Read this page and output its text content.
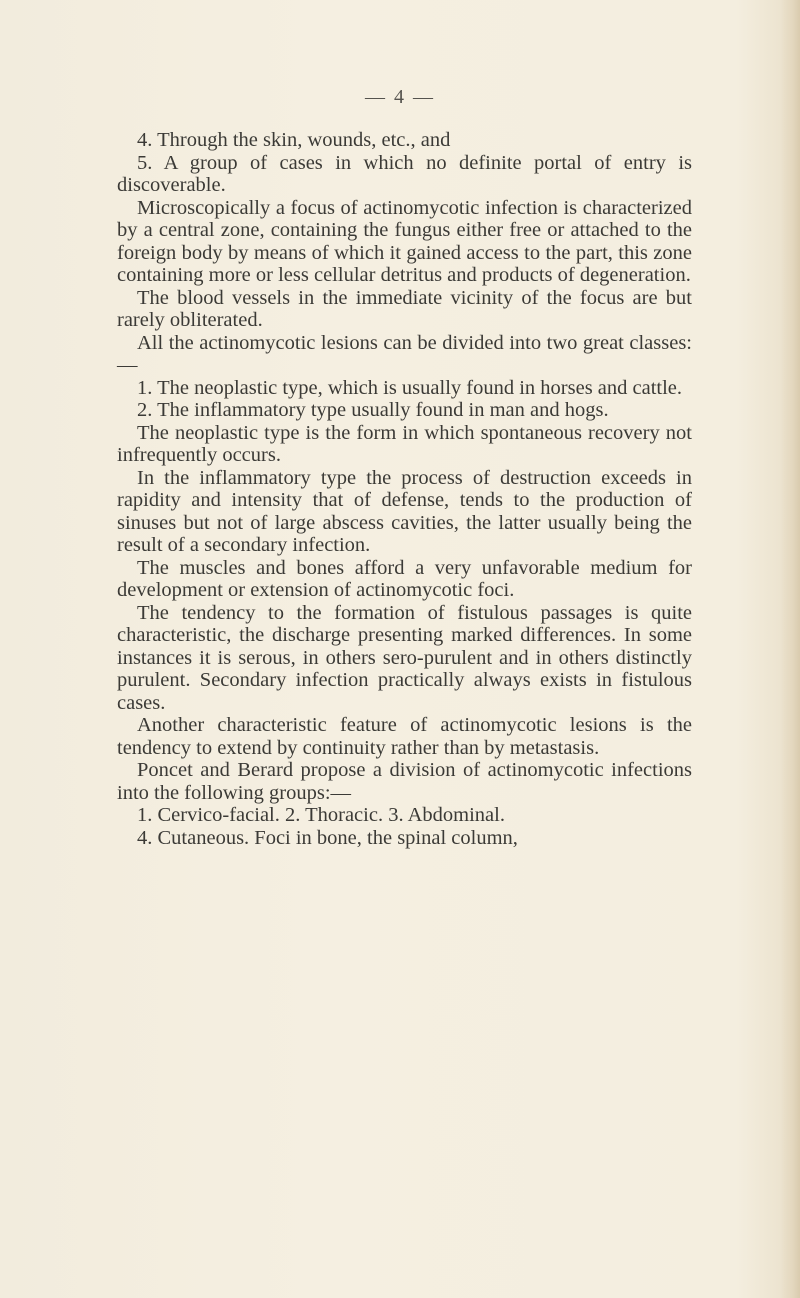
— 4 —

4. Through the skin, wounds, etc., and

5. A group of cases in which no definite portal of entry is discoverable.

Microscopically a focus of actinomycotic infection is characterized by a central zone, containing the fungus either free or attached to the foreign body by means of which it gained access to the part, this zone containing more or less cellular detritus and products of degeneration.

The blood vessels in the immediate vicinity of the focus are but rarely obliterated.

All the actinomycotic lesions can be divided into two great classes:—

1. The neoplastic type, which is usually found in horses and cattle.

2. The inflammatory type usually found in man and hogs.

The neoplastic type is the form in which spontaneous recovery not infrequently occurs.

In the inflammatory type the process of destruction exceeds in rapidity and intensity that of defense, tends to the production of sinuses but not of large abscess cavities, the latter usually being the result of a secondary infection.

The muscles and bones afford a very unfavorable medium for development or extension of actinomycotic foci.

The tendency to the formation of fistulous passages is quite characteristic, the discharge presenting marked differences. In some instances it is serous, in others sero-purulent and in others distinctly purulent. Secondary infection practically always exists in fistulous cases.

Another characteristic feature of actinomycotic lesions is the tendency to extend by continuity rather than by metastasis.

Poncet and Berard propose a division of actinomycotic infections into the following groups:—

1. Cervico-facial. 2. Thoracic. 3. Abdominal.

4. Cutaneous. Foci in bone, the spinal column,
